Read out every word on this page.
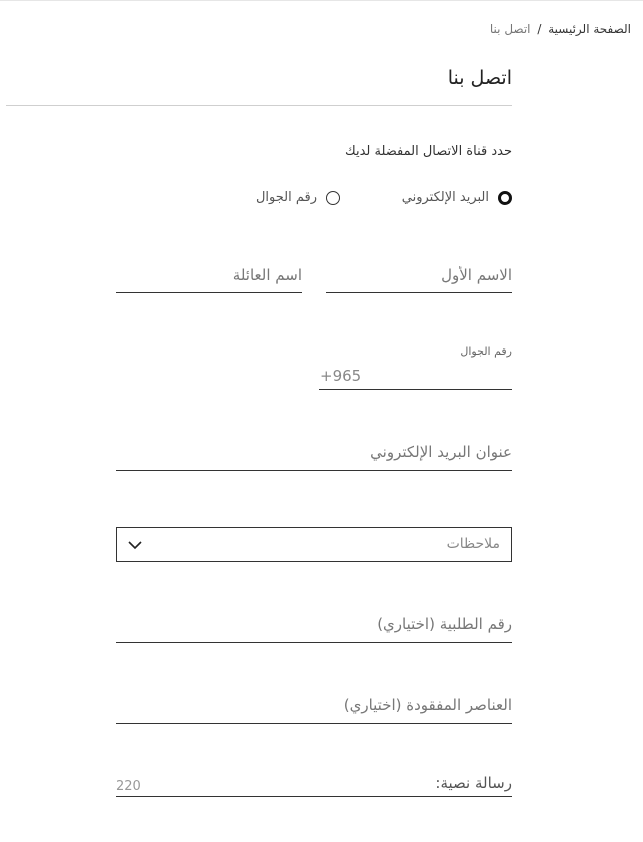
الصفحة الرئيسية / اتصل بنا
اتصل بنا
حدد قناة الاتصال المفضلة لديك
البريد الإلكتروني
رقم الجوال
الاسم الأول
اسم العائلة
رقم الجوال
+965
عنوان البريد الإلكتروني
ملاحظات
رقم الطلبية (اختياري)
العناصر المفقودة (اختياري)
رسالة نصية:
220
